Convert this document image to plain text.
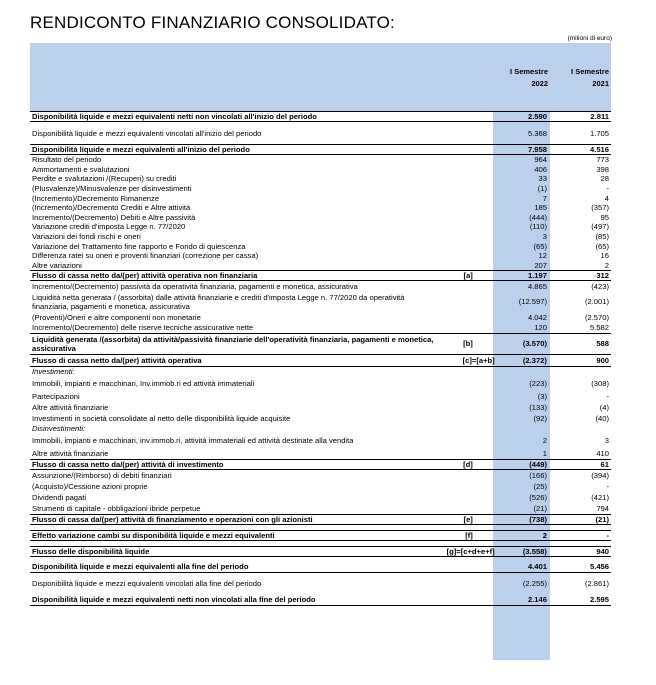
RENDICONTO FINANZIARIO CONSOLIDATO:
(milioni di euro)
I Semestre
2022
I Semestre
2021
Disponibilità liquide e mezzi equivalenti netti non vincolati all'inizio del periodo	2.590	2.811
Disponibilità liquide e mezzi equivalenti vincolati all'inizio del periodo	5.368	1.705
Disponibilità liquide e mezzi equivalenti all'inizio del periodo	7.958	4.516
Risultato del periodo	964	773
Ammortamenti e svalutazioni	406	398
Perdite e svalutazioni /(Recuperi) su crediti	33	28
(Plusvalenze)/Minusvalenze per disinvestimenti	(1)	-
(Incremento)/Decremento Rimanenze	7	4
(Incremento)/Decremento Crediti e Altre attività	185	(357)
Incremento/(Decremento) Debiti e Altre passività	(444)	95
Variazione crediti d'imposta Legge n. 77/2020	(110)	(497)
Variazioni dei fondi rischi e oneri	3	(85)
Variazione del Trattamento fine rapporto e Fondo di quiescenza	(65)	(65)
Differenza ratei su oneri e proventi finanziari (correzione per cassa)	12	16
Altre variazioni	207	2
Flusso di cassa netto da/(per) attività operativa non finanziaria	[a]	1.197	312
Incremento/(Decremento) passività da operatività finanziaria, pagamenti e monetica, assicurativa	4.865	(423)
Liquidità netta generata / (assorbita) dalle attività finanziarie e crediti d'imposta Legge n. 77/2020 da operatività finanziaria, pagamenti e monetica, assicurativa	(12.597)	(2.001)
(Proventi)/Oneri e altre componenti non monetarie	4.042	(2.570)
Incremento/(Decremento) delle riserve tecniche assicurative nette	120	5.582
Liquidità generata /(assorbita) da attività/passività finanziarie dell'operatività finanziaria, pagamenti e monetica, assicurativa	[b]	(3.570)	588
Flusso di cassa netto da/(per) attività operativa	[c]=[a+b]	(2.372)	900
Investimenti:
Immobili, impianti e macchinari, Inv.immob.ri ed attività immateriali	(223)	(308)
Partecipazioni	(3)	-
Altre attività finanziarie	(133)	(4)
Investimenti in società consolidate al netto delle disponibilità liquide acquisite	(92)	(40)
Disinvestimenti:
Immobili, impianti e macchinari, inv.immob.ri, attività immateriali ed attività destinate alla vendita	2	3
Altre attività finanziarie	1	410
Flusso di cassa netto da/(per) attività di investimento	[d]	(449)	61
Assunzione/(Rimborso) di debiti finanziari	(166)	(394)
(Acquisto)/Cessione azioni proprie	(25)	-
Dividendi pagati	(526)	(421)
Strumenti di capitale - obbligazioni ibride perpetue	(21)	794
Flusso di cassa da/(per) attività di finanziamento e operazioni con gli azionisti	[e]	(738)	(21)
Effetto variazione cambi su disponibilità liquide e mezzi equivalenti	[f]	2	-
Flusso delle disponibilità liquide	[g]=[c+d+e+f]	(3.558)	940
Disponibilità liquide e mezzi equivalenti alla fine del periodo	4.401	5.456
Disponibilità liquide e mezzi equivalenti vincolati alla fine del periodo	(2.255)	(2.861)
Disponibilità liquide e mezzi equivalenti netti non vincolati alla fine del periodo	2.146	2.595
